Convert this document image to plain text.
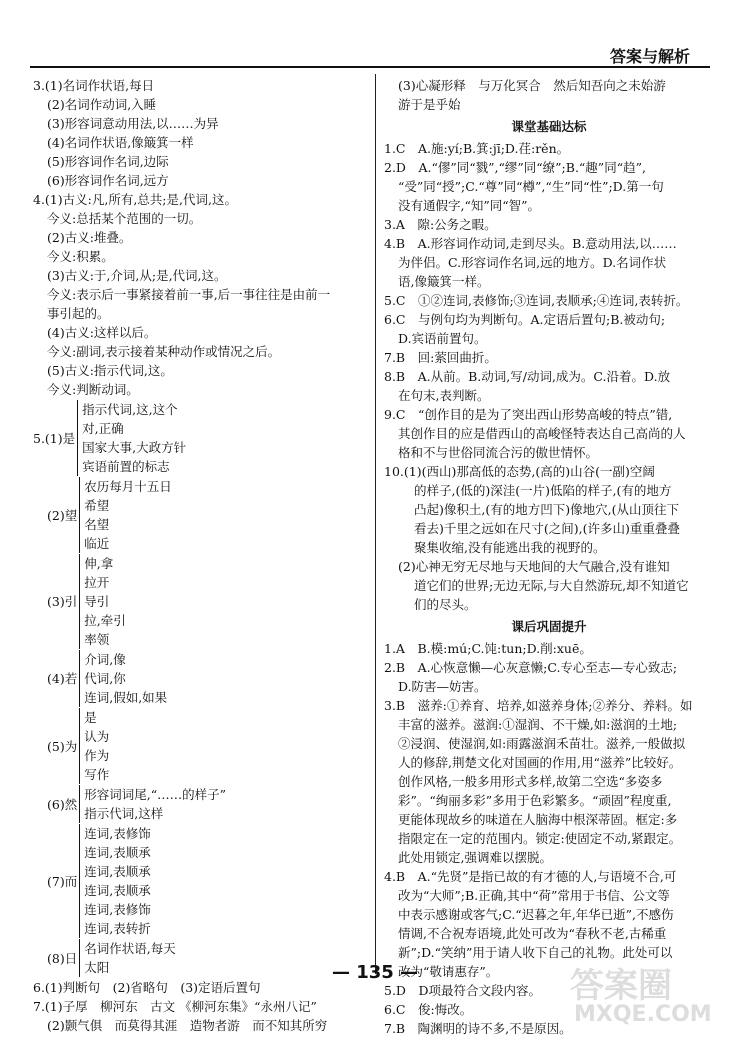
答案与解析
3.(1)名词作状语,每日
(2)名词作动词,入睡
(3)形容词意动用法,以……为异
(4)名词作状语,像簸箕一样
(5)形容词作名词,边际
(6)形容词作名词,远方
4.(1)古义:凡,所有,总共;是,代词,这。
今义:总括某个范围的一切。
(2)古义:堆叠。
今义:积累。
(3)古义:于,介词,从;是,代词,这。
今义:表示后一事紧接着前一事,后一事往往是由前一
事引起的。
(4)古义:这样以后。
今义:副词,表示接着某种动作或情况之后。
(5)古义:指示代词,这。
今义:判断动词。
5.(1)是
指示代词,这,这个
对,正确
国家大事,大政方针
宾语前置的标志
(2)望
农历每月十五日
希望
名望
临近
(3)引
伸,拿
拉开
导引
拉,牵引
率领
(4)若
介词,像
代词,你
连词,假如,如果
(5)为
是
认为
作为
写作
(6)然
形容词词尾,“……的样子”
指示代词,这样
(7)而
连词,表修饰
连词,表顺承
连词,表顺承
连词,表顺承
连词,表修饰
连词,表转折
(8)日
名词作状语,每天
太阳
6.(1)判断句　(2)省略句　(3)定语后置句
7.(1)子厚　柳河东　古文 《柳河东集》“永州八记”
(2)颢气俱　而莫得其涯　造物者游　而不知其所穷
(3)心凝形释　与万化冥合　然后知吾向之未始游
游于是乎始
课堂基础达标
1.C　A.施:yí;B.箕:jī;D.荏:rěn。
2.D　A.“僇”同“戮”,“缪”同“缭”;B.“趣”同“趋”,
“受”同“授”;C.“尊”同“樽”,“生”同“性”;D.第一句
没有通假字,“知”同“智”。
3.A　隙:公务之暇。
4.B　A.形容词作动词,走到尽头。B.意动用法,以……
为伴侣。C.形容词作名词,远的地方。D.名词作状
语,像簸箕一样。
5.C　①②连词,表修饰;③连词,表顺承;④连词,表转折。
6.C　与例句均为判断句。A.定语后置句;B.被动句;
D.宾语前置句。
7.B　回:萦回曲折。
8.B　A.从前。B.动词,写/动词,成为。C.沿着。D.放
在句末,表判断。
9.C　“创作目的是为了突出西山形势高峻的特点”错,
其创作目的应是借西山的高峻怪特表达自己高尚的人
格和不与世俗同流合污的傲世情怀。
10.(1)(西山)那高低的态势,(高的)山谷(一副)空阔
的样子,(低的)深洼(一片)低陷的样子,(有的地方
凸起)像积土,(有的地方凹下)像地穴,(从山顶往下
看去)千里之远如在尺寸(之间),(许多山)重重叠叠
聚集收缩,没有能逃出我的视野的。
(2)心神无穷无尽地与天地间的大气融合,没有谁知
道它们的世界;无边无际,与大自然游玩,却不知道它
们的尽头。
课后巩固提升
1.A　B.模:mú;C.饨:tun;D.削:xuē。
2.B　A.心恢意懒—心灰意懒;C.专心至志—专心致志;
D.防害—妨害。
3.B　滋养:①养育、培养,如滋养身体;②养分、养料。如
丰富的滋养。滋润:①湿润、不干燥,如:滋润的土地;
②浸润、使湿润,如:雨露滋润禾苗壮。滋养,一般做拟
人的修辞,荆楚文化对国画的作用,用“滋养”比较好。
创作风格,一般多用形式多样,故第二空选“多姿多
彩”。“绚丽多彩”多用于色彩繁多。“顽固”程度重,
更能体现故乡的味道在人脑海中根深蒂固。框定:多
指限定在一定的范围内。锁定:使固定不动,紧跟定。
此处用锁定,强调难以摆脱。
4.B　A.“先贤”是指已故的有才德的人,与语境不合,可
改为“大师”;B.正确,其中“荷”常用于书信、公文等
中表示感谢或客气;C.“迟暮之年,年华已逝”,不感伤
情调,不合祝寿语境,此处可改为“春秋不老,古稀重
新”;D.“笑纳”用于请人收下自己的礼物。此处可以
改为“敬请惠存”。
5.D　D项最符合文段内容。
6.C　俊:悔改。
7.B　陶渊明的诗不多,不是原因。
— 135 —	答案圈
MXQE.COM
